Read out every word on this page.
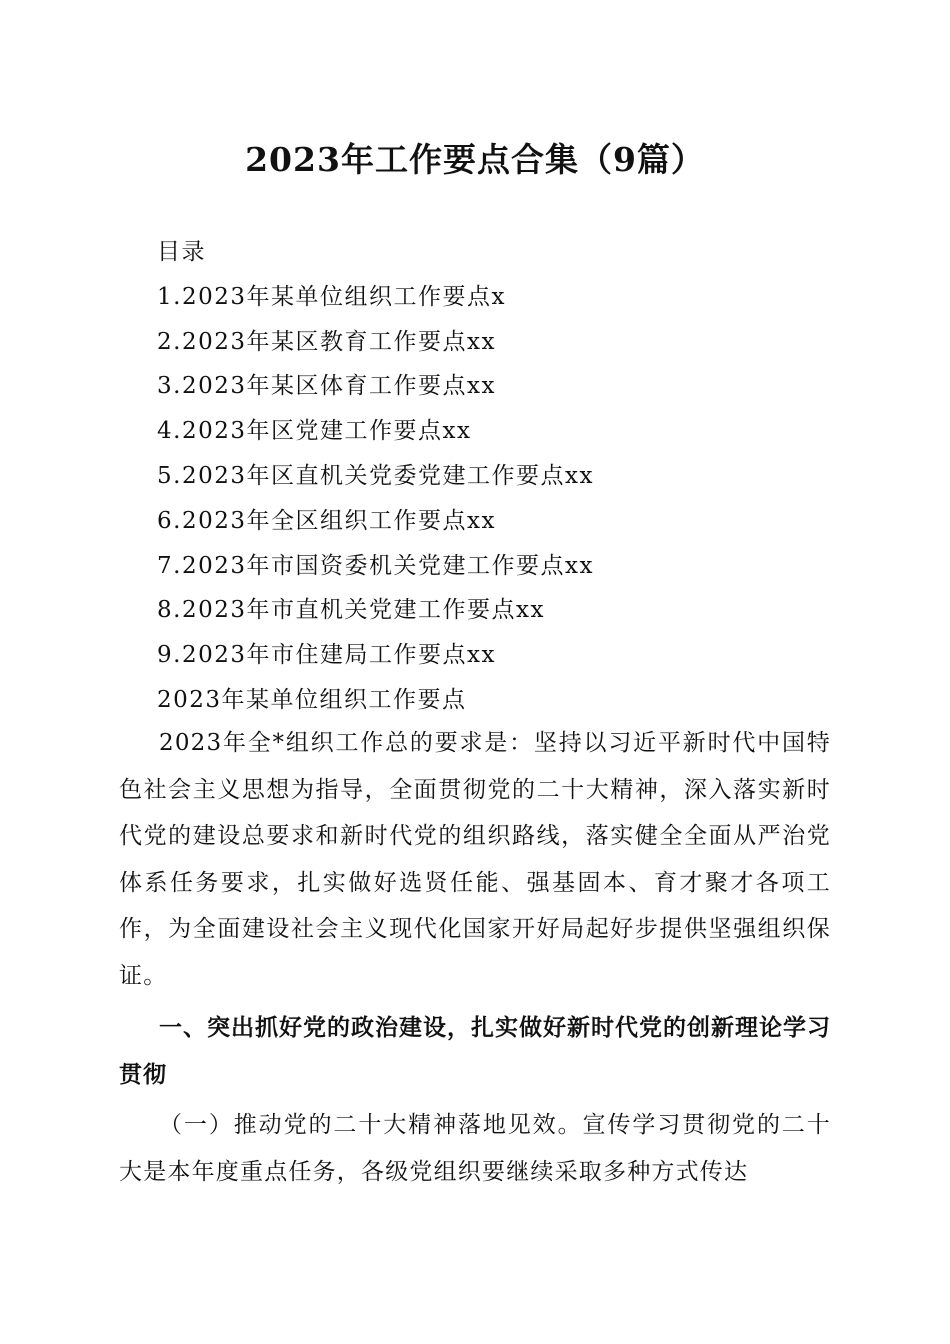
2023年工作要点合集（9篇）
目录
1.2023年某单位组织工作要点x
2.2023年某区教育工作要点xx
3.2023年某区体育工作要点xx
4.2023年区党建工作要点xx
5.2023年区直机关党委党建工作要点xx
6.2023年全区组织工作要点xx
7.2023年市国资委机关党建工作要点xx
8.2023年市直机关党建工作要点xx
9.2023年市住建局工作要点xx
2023年某单位组织工作要点

2023年全*组织工作总的要求是：坚持以习近平新时代中国特色社会主义思想为指导，全面贯彻党的二十大精神，深入落实新时代党的建设总要求和新时代党的组织路线，落实健全全面从严治党体系任务要求，扎实做好选贤任能、强基固本、育才聚才各项工作，为全面建设社会主义现代化国家开好局起好步提供坚强组织保证。

一、突出抓好党的政治建设，扎实做好新时代党的创新理论学习贯彻

（一）推动党的二十大精神落地见效。宣传学习贯彻党的二十大是本年度重点任务，各级党组织要继续采取多种方式传达
